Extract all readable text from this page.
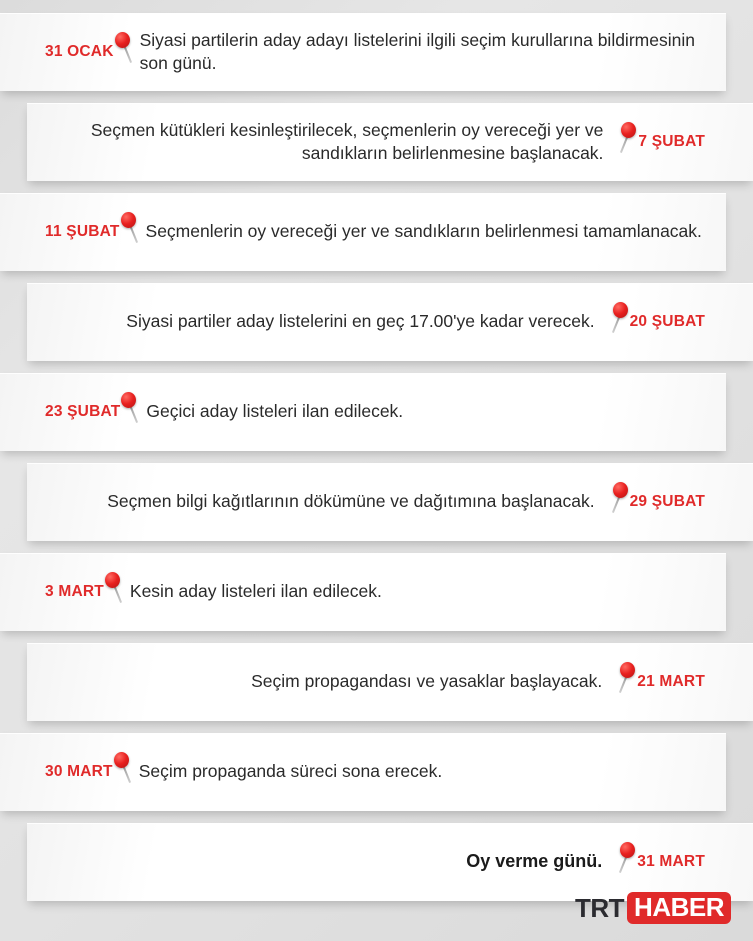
31 OCAK
Siyasi partilerin aday adayı listelerini ilgili seçim kurullarına bildirmesinin son günü.
Seçmen kütükleri kesinleştirilecek, seçmenlerin oy vereceği yer ve sandıkların belirlenmesine başlanacak.
7 ŞUBAT
11 ŞUBAT Seçmenlerin oy vereceği yer ve sandıkların belirlenmesi tamamlanacak.
Siyasi partiler aday listelerini en geç 17.00'ye kadar verecek. 20 ŞUBAT
23 ŞUBAT Geçici aday listeleri ilan edilecek.
Seçmen bilgi kağıtlarının dökümüne ve dağıtımına başlanacak. 29 ŞUBAT
3 MART Kesin aday listeleri ilan edilecek.
Seçim propagandası ve yasaklar başlayacak. 21 MART
30 MART Seçim propaganda süreci sona erecek.
Oy verme günü. 31 MART
TRT HABER
